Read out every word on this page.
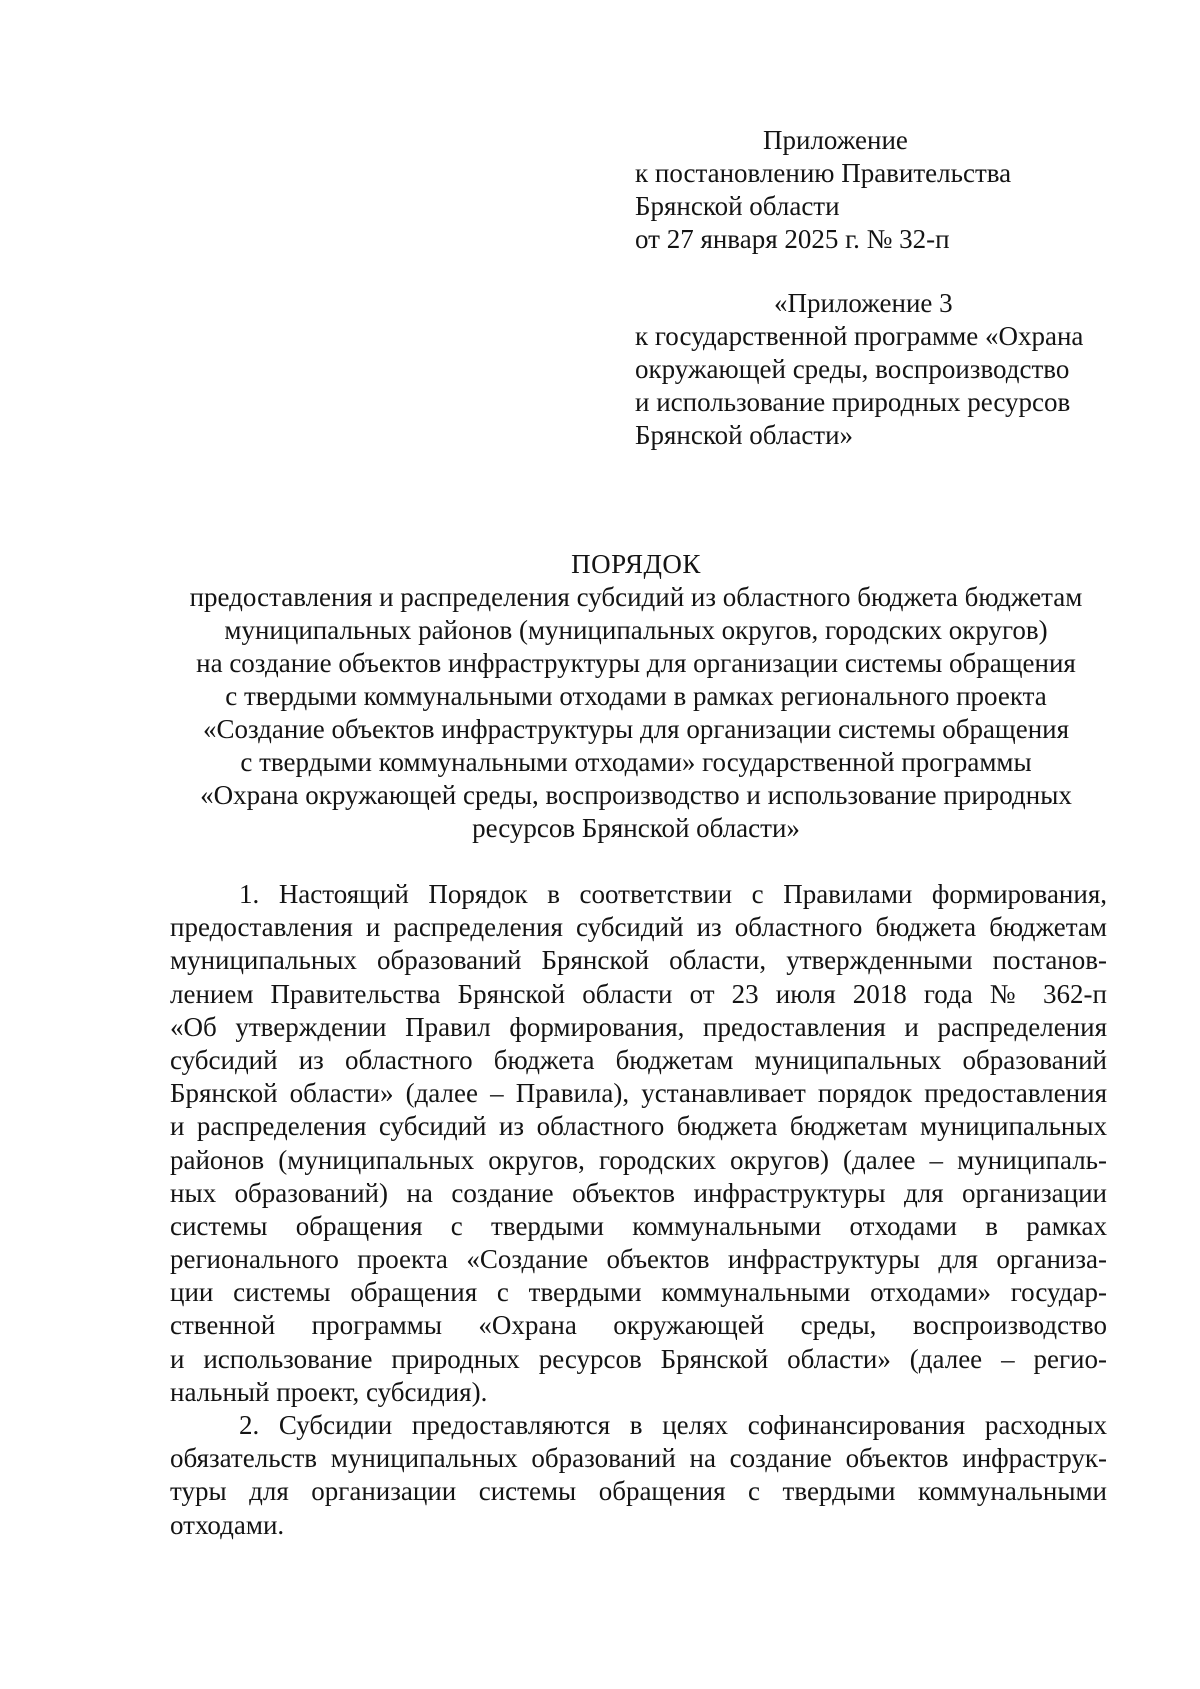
Приложение
к постановлению Правительства
Брянской области
от 27 января 2025 г. № 32-п
«Приложение 3
к государственной программе «Охрана
окружающей среды, воспроизводство
и использование природных ресурсов
Брянской области»
ПОРЯДОК
предоставления и распределения субсидий из областного бюджета бюджетам
муниципальных районов (муниципальных округов, городских округов)
на создание объектов инфраструктуры для организации системы обращения
с твердыми коммунальными отходами в рамках регионального проекта
«Создание объектов инфраструктуры для организации системы обращения
с твердыми коммунальными отходами» государственной программы
«Охрана окружающей среды, воспроизводство и использование природных
ресурсов Брянской области»
1. Настоящий Порядок в соответствии с Правилами формирования,
предоставления и распределения субсидий из областного бюджета бюджетам
муниципальных образований Брянской области, утвержденными постанов-
лением Правительства Брянской области от 23 июля 2018 года № 362-п
«Об утверждении Правил формирования, предоставления и распределения
субсидий из областного бюджета бюджетам муниципальных образований
Брянской области» (далее – Правила), устанавливает порядок предоставления
и распределения субсидий из областного бюджета бюджетам муниципальных
районов (муниципальных округов, городских округов) (далее – муниципаль-
ных образований) на создание объектов инфраструктуры для организации
системы обращения с твердыми коммунальными отходами в рамках
регионального проекта «Создание объектов инфраструктуры для организа-
ции системы обращения с твердыми коммунальными отходами» государ-
ственной программы «Охрана окружающей среды, воспроизводство
и использование природных ресурсов Брянской области» (далее – регио-
нальный проект, субсидия).
2. Субсидии предоставляются в целях софинансирования расходных
обязательств муниципальных образований на создание объектов инфраструк-
туры для организации системы обращения с твердыми коммунальными
отходами.
